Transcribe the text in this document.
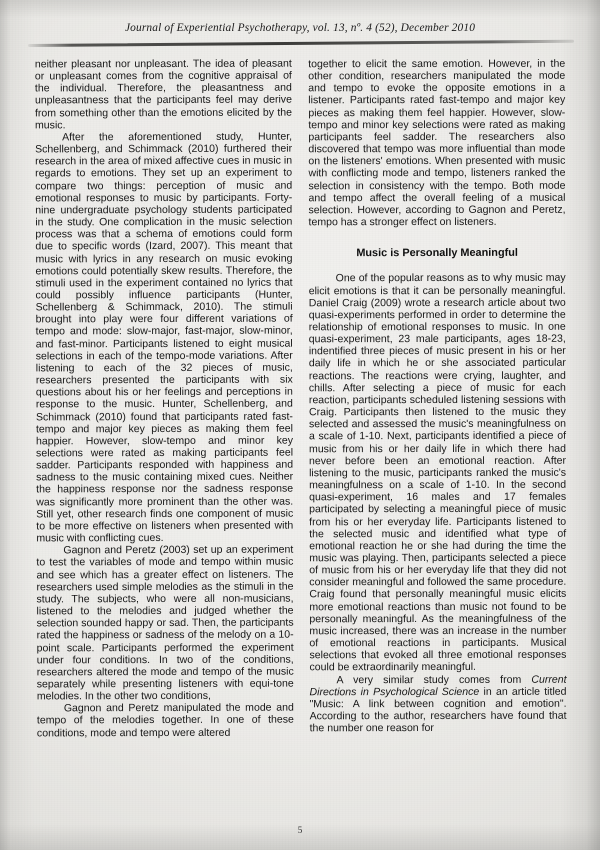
Journal of Experiential Psychotherapy, vol. 13, nº. 4 (52), December 2010

neither pleasant nor unpleasant. The idea of pleasant or unpleasant comes from the cognitive appraisal of the individual. Therefore, the pleasantness and unpleasantness that the participants feel may derive from something other than the emotions elicited by the music.

After the aforementioned study, Hunter, Schellenberg, and Schimmack (2010) furthered their research in the area of mixed affective cues in music in regards to emotions. They set up an experiment to compare two things: perception of music and emotional responses to music by participants. Forty-nine undergraduate psychology students participated in the study. One complication in the music selection process was that a schema of emotions could form due to specific words (Izard, 2007). This meant that music with lyrics in any research on music evoking emotions could potentially skew results. Therefore, the stimuli used in the experiment contained no lyrics that could possibly influence participants (Hunter, Schellenberg & Schimmack, 2010). The stimuli brought into play were four different variations of tempo and mode: slow-major, fast-major, slow-minor, and fast-minor. Participants listened to eight musical selections in each of the tempo-mode variations. After listening to each of the 32 pieces of music, researchers presented the participants with six questions about his or her feelings and perceptions in response to the music. Hunter, Schellenberg, and Schimmack (2010) found that participants rated fast-tempo and major key pieces as making them feel happier. However, slow-tempo and minor key selections were rated as making participants feel sadder. Participants responded with happiness and sadness to the music containing mixed cues. Neither the happiness response nor the sadness response was significantly more prominent than the other was. Still yet, other research finds one component of music to be more effective on listeners when presented with music with conflicting cues.

Gagnon and Peretz (2003) set up an experiment to test the variables of mode and tempo within music and see which has a greater effect on listeners. The researchers used simple melodies as the stimuli in the study. The subjects, who were all non-musicians, listened to the melodies and judged whether the selection sounded happy or sad. Then, the participants rated the happiness or sadness of the melody on a 10-point scale. Participants performed the experiment under four conditions. In two of the conditions, researchers altered the mode and tempo of the music separately while presenting listeners with equi-tone melodies. In the other two conditions,

Gagnon and Peretz manipulated the mode and tempo of the melodies together. In one of these conditions, mode and tempo were altered

together to elicit the same emotion. However, in the other condition, researchers manipulated the mode and tempo to evoke the opposite emotions in a listener. Participants rated fast-tempo and major key pieces as making them feel happier. However, slow-tempo and minor key selections were rated as making participants feel sadder. The researchers also discovered that tempo was more influential than mode on the listeners' emotions. When presented with music with conflicting mode and tempo, listeners ranked the selection in consistency with the tempo. Both mode and tempo affect the overall feeling of a musical selection. However, according to Gagnon and Peretz, tempo has a stronger effect on listeners.

Music is Personally Meaningful

One of the popular reasons as to why music may elicit emotions is that it can be personally meaningful. Daniel Craig (2009) wrote a research article about two quasi-experiments performed in order to determine the relationship of emotional responses to music. In one quasi-experiment, 23 male participants, ages 18-23, indentified three pieces of music present in his or her daily life in which he or she associated particular reactions. The reactions were crying, laughter, and chills. After selecting a piece of music for each reaction, participants scheduled listening sessions with Craig. Participants then listened to the music they selected and assessed the music's meaningfulness on a scale of 1-10. Next, participants identified a piece of music from his or her daily life in which there had never before been an emotional reaction. After listening to the music, participants ranked the music's meaningfulness on a scale of 1-10. In the second quasi-experiment, 16 males and 17 females participated by selecting a meaningful piece of music from his or her everyday life. Participants listened to the selected music and identified what type of emotional reaction he or she had during the time the music was playing. Then, participants selected a piece of music from his or her everyday life that they did not consider meaningful and followed the same procedure. Craig found that personally meaningful music elicits more emotional reactions than music not found to be personally meaningful. As the meaningfulness of the music increased, there was an increase in the number of emotional reactions in participants. Musical selections that evoked all three emotional responses could be extraordinarily meaningful.

A very similar study comes from Current Directions in Psychological Science in an article titled "Music: A link between cognition and emotion". According to the author, researchers have found that the number one reason for

5
